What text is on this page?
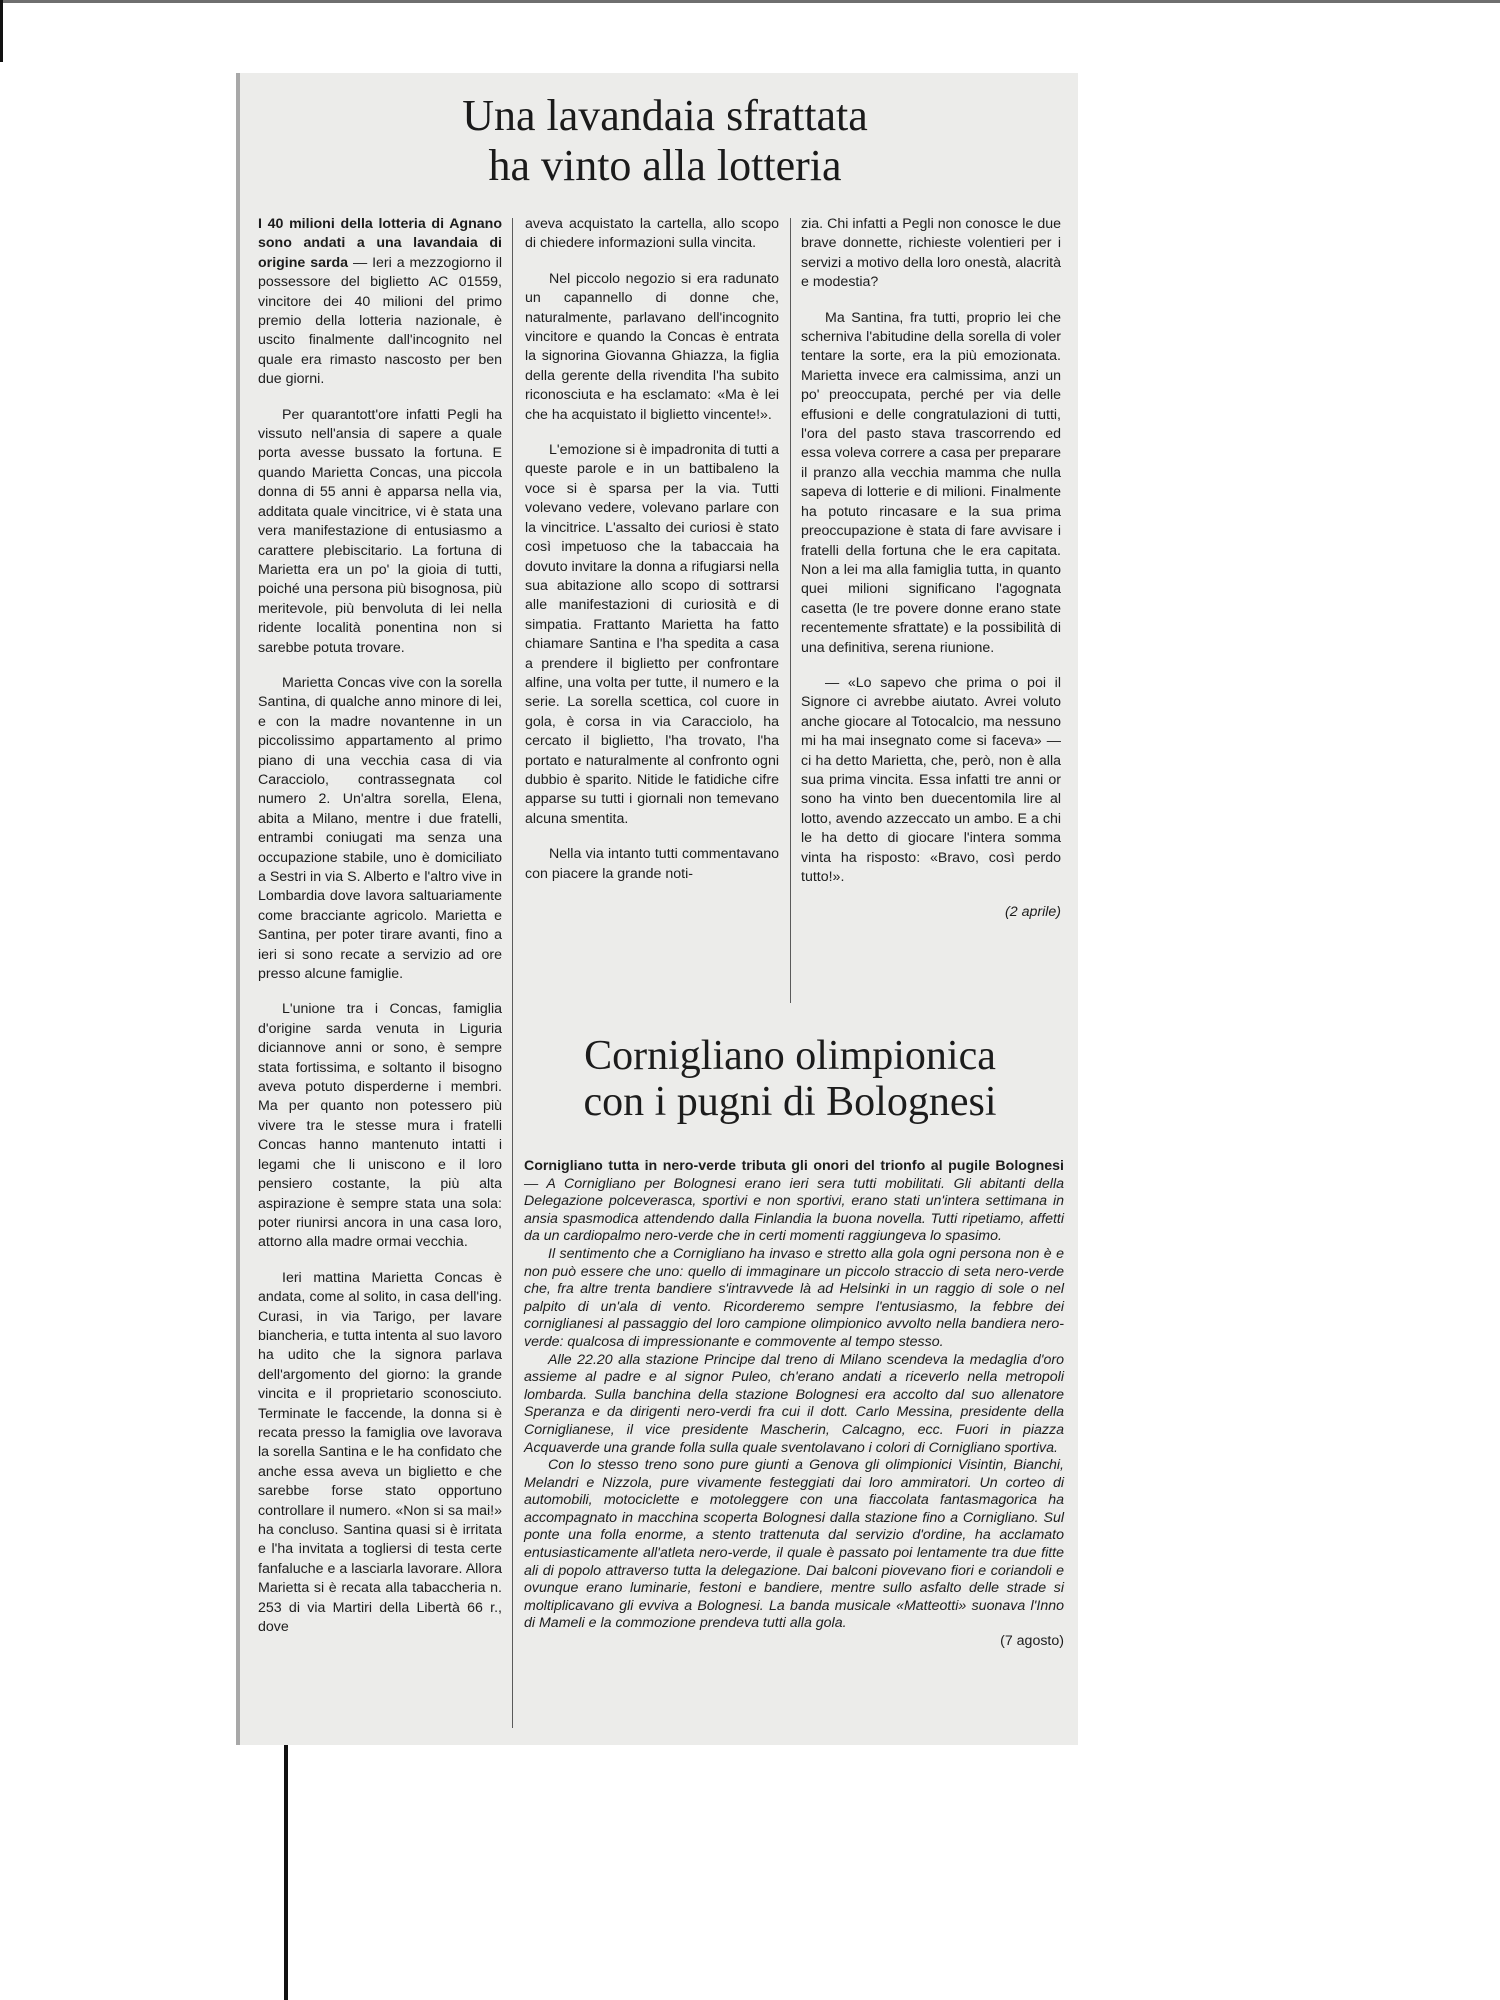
Una lavandaia sfrattata
ha vinto alla lotteria

I 40 milioni della lotteria di Agnano sono andati a una lavandaia di origine sarda — Ieri a mezzogiorno il possessore del biglietto AC 01559, vincitore dei 40 milioni del primo premio della lotteria nazionale, è uscito finalmente dall'incognito nel quale era rimasto nascosto per ben due giorni.

Per quarantott'ore infatti Pegli ha vissuto nell'ansia di sapere a quale porta avesse bussato la fortuna. E quando Marietta Concas, una piccola donna di 55 anni è apparsa nella via, additata quale vincitrice, vi è stata una vera manifestazione di entusiasmo a carattere plebiscitario. La fortuna di Marietta era un po' la gioia di tutti, poiché una persona più bisognosa, più meritevole, più benvoluta di lei nella ridente località ponentina non si sarebbe potuta trovare.

Marietta Concas vive con la sorella Santina, di qualche anno minore di lei, e con la madre novantenne in un piccolissimo appartamento al primo piano di una vecchia casa di via Caracciolo, contrassegnata col numero 2. Un'altra sorella, Elena, abita a Milano, mentre i due fratelli, entrambi coniugati ma senza una occupazione stabile, uno è domiciliato a Sestri in via S. Alberto e l'altro vive in Lombardia dove lavora saltuariamente come bracciante agricolo. Marietta e Santina, per poter tirare avanti, fino a ieri si sono recate a servizio ad ore presso alcune famiglie.

L'unione tra i Concas, famiglia d'origine sarda venuta in Liguria diciannove anni or sono, è sempre stata fortissima, e soltanto il bisogno aveva potuto disperderne i membri. Ma per quanto non potessero più vivere tra le stesse mura i fratelli Concas hanno mantenuto intatti i legami che li uniscono e il loro pensiero costante, la più alta aspirazione è sempre stata una sola: poter riunirsi ancora in una casa loro, attorno alla madre ormai vecchia.

Ieri mattina Marietta Concas è andata, come al solito, in casa dell'ing. Curasi, in via Tarigo, per lavare biancheria, e tutta intenta al suo lavoro ha udito che la signora parlava dell'argomento del giorno: la grande vincita e il proprietario sconosciuto. Terminate le faccende, la donna si è recata presso la famiglia ove lavorava la sorella Santina e le ha confidato che anche essa aveva un biglietto e che sarebbe forse stato opportuno controllare il numero. «Non si sa mai!» ha concluso. Santina quasi si è irritata e l'ha invitata a togliersi di testa certe fanfaluche e a lasciarla lavorare. Allora Marietta si è recata alla tabaccheria n. 253 di via Martiri della Libertà 66 r., dove

aveva acquistato la cartella, allo scopo di chiedere informazioni sulla vincita.

Nel piccolo negozio si era radunato un capannello di donne che, naturalmente, parlavano dell'incognito vincitore e quando la Concas è entrata la signorina Giovanna Ghiazza, la figlia della gerente della rivendita l'ha subito riconosciuta e ha esclamato: «Ma è lei che ha acquistato il biglietto vincente!».

L'emozione si è impadronita di tutti a queste parole e in un battibaleno la voce si è sparsa per la via. Tutti volevano vedere, volevano parlare con la vincitrice. L'assalto dei curiosi è stato così impetuoso che la tabaccaia ha dovuto invitare la donna a rifugiarsi nella sua abitazione allo scopo di sottrarsi alle manifestazioni di curiosità e di simpatia. Frattanto Marietta ha fatto chiamare Santina e l'ha spedita a casa a prendere il biglietto per confrontare alfine, una volta per tutte, il numero e la serie. La sorella scettica, col cuore in gola, è corsa in via Caracciolo, ha cercato il biglietto, l'ha trovato, l'ha portato e naturalmente al confronto ogni dubbio è sparito. Nitide le fatidiche cifre apparse su tutti i giornali non temevano alcuna smentita.

Nella via intanto tutti commentavano con piacere la grande noti-

zia. Chi infatti a Pegli non conosce le due brave donnette, richieste volentieri per i servizi a motivo della loro onestà, alacrità e modestia?

Ma Santina, fra tutti, proprio lei che scherniva l'abitudine della sorella di voler tentare la sorte, era la più emozionata. Marietta invece era calmissima, anzi un po' preoccupata, perché per via delle effusioni e delle congratulazioni di tutti, l'ora del pasto stava trascorrendo ed essa voleva correre a casa per preparare il pranzo alla vecchia mamma che nulla sapeva di lotterie e di milioni. Finalmente ha potuto rincasare e la sua prima preoccupazione è stata di fare avvisare i fratelli della fortuna che le era capitata. Non a lei ma alla famiglia tutta, in quanto quei milioni significano l'agognata casetta (le tre povere donne erano state recentemente sfrattate) e la possibilità di una definitiva, serena riunione.

— «Lo sapevo che prima o poi il Signore ci avrebbe aiutato. Avrei voluto anche giocare al Totocalcio, ma nessuno mi ha mai insegnato come si faceva» — ci ha detto Marietta, che, però, non è alla sua prima vincita. Essa infatti tre anni or sono ha vinto ben duecentomila lire al lotto, avendo azzeccato un ambo. E a chi le ha detto di giocare l'intera somma vinta ha risposto: «Bravo, così perdo tutto!».

(2 aprile)
Cornigliano olimpionica
con i pugni di Bolognesi

Cornigliano tutta in nero-verde tributa gli onori del trionfo al pugile Bolognesi — A Cornigliano per Bolognesi erano ieri sera tutti mobilitati. Gli abitanti della Delegazione polceverasca, sportivi e non sportivi, erano stati un'intera settimana in ansia spasmodica attendendo dalla Finlandia la buona novella. Tutti ripetiamo, affetti da un cardiopalmo nero-verde che in certi momenti raggiungeva lo spasimo.

Il sentimento che a Cornigliano ha invaso e stretto alla gola ogni persona non è e non può essere che uno: quello di immaginare un piccolo straccio di seta nero-verde che, fra altre trenta bandiere s'intravvede là ad Helsinki in un raggio di sole o nel palpito di un'ala di vento. Ricorderemo sempre l'entusiasmo, la febbre dei corniglianesi al passaggio del loro campione olimpionico avvolto nella bandiera nero-verde: qualcosa di impressionante e commovente al tempo stesso.

Alle 22.20 alla stazione Principe dal treno di Milano scendeva la medaglia d'oro assieme al padre e al signor Puleo, ch'erano andati a riceverlo nella metropoli lombarda. Sulla banchina della stazione Bolognesi era accolto dal suo allenatore Speranza e da dirigenti nero-verdi fra cui il dott. Carlo Messina, presidente della Corniglianese, il vice presidente Mascherin, Calcagno, ecc. Fuori in piazza Acquaverde una grande folla sulla quale sventolavano i colori di Cornigliano sportiva.

Con lo stesso treno sono pure giunti a Genova gli olimpionici Visintin, Bianchi, Melandri e Nizzola, pure vivamente festeggiati dai loro ammiratori. Un corteo di automobili, motociclette e motoleggere con una fiaccolata fantasmagorica ha accompagnato in macchina scoperta Bolognesi dalla stazione fino a Cornigliano. Sul ponte una folla enorme, a stento trattenuta dal servizio d'ordine, ha acclamato entusiasticamente all'atleta nero-verde, il quale è passato poi lentamente tra due fitte ali di popolo attraverso tutta la delegazione. Dai balconi piovevano fiori e coriandoli e ovunque erano luminarie, festoni e bandiere, mentre sullo asfalto delle strade si moltiplicavano gli evviva a Bolognesi. La banda musicale «Matteotti» suonava l'Inno di Mameli e la commozione prendeva tutti alla gola.

(7 agosto)
